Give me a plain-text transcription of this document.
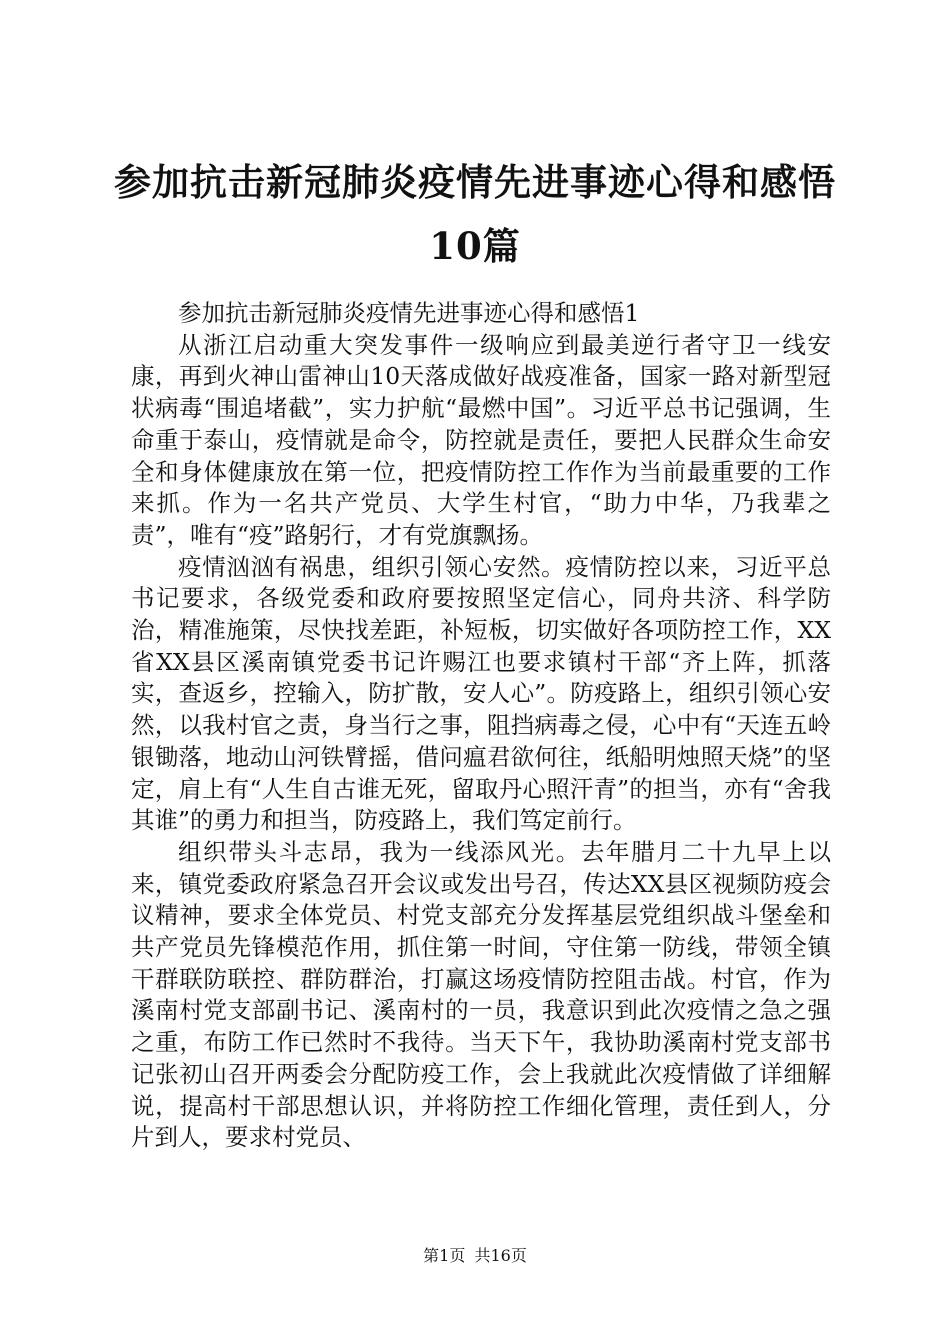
参加抗击新冠肺炎疫情先进事迹心得和感悟10篇

参加抗击新冠肺炎疫情先进事迹心得和感悟1

从浙江启动重大突发事件一级响应到最美逆行者守卫一线安康，再到火神山雷神山10天落成做好战疫准备，国家一路对新型冠状病毒“围追堵截”，实力护航“最燃中国”。习近平总书记强调，生命重于泰山，疫情就是命令，防控就是责任，要把人民群众生命安全和身体健康放在第一位，把疫情防控工作作为当前最重要的工作来抓。作为一名共产党员、大学生村官，“助力中华，乃我辈之责”，唯有“疫”路躬行，才有党旗飘扬。

疫情汹汹有祸患，组织引领心安然。疫情防控以来，习近平总书记要求，各级党委和政府要按照坚定信心，同舟共济、科学防治，精准施策，尽快找差距，补短板，切实做好各项防控工作，XX省XX县区溪南镇党委书记许赐江也要求镇村干部“齐上阵，抓落实，查返乡，控输入，防扩散，安人心”。防疫路上，组织引领心安然，以我村官之责，身当行之事，阻挡病毒之侵，心中有“天连五岭银锄落，地动山河铁臂摇，借问瘟君欲何往，纸船明烛照天烧”的坚定，肩上有“人生自古谁无死，留取丹心照汗青”的担当，亦有“舍我其谁”的勇力和担当，防疫路上，我们笃定前行。

组织带头斗志昂，我为一线添风光。去年腊月二十九早上以来，镇党委政府紧急召开会议或发出号召，传达XX县区视频防疫会议精神，要求全体党员、村党支部充分发挥基层党组织战斗堡垒和共产党员先锋模范作用，抓住第一时间，守住第一防线，带领全镇干群联防联控、群防群治，打赢这场疫情防控阻击战。村官，作为溪南村党支部副书记、溪南村的一员，我意识到此次疫情之急之强之重，布防工作已然时不我待。当天下午，我协助溪南村党支部书记张初山召开两委会分配防疫工作，会上我就此次疫情做了详细解说，提高村干部思想认识，并将防控工作细化管理，责任到人，分片到人，要求村党员、

第1页 共16页
